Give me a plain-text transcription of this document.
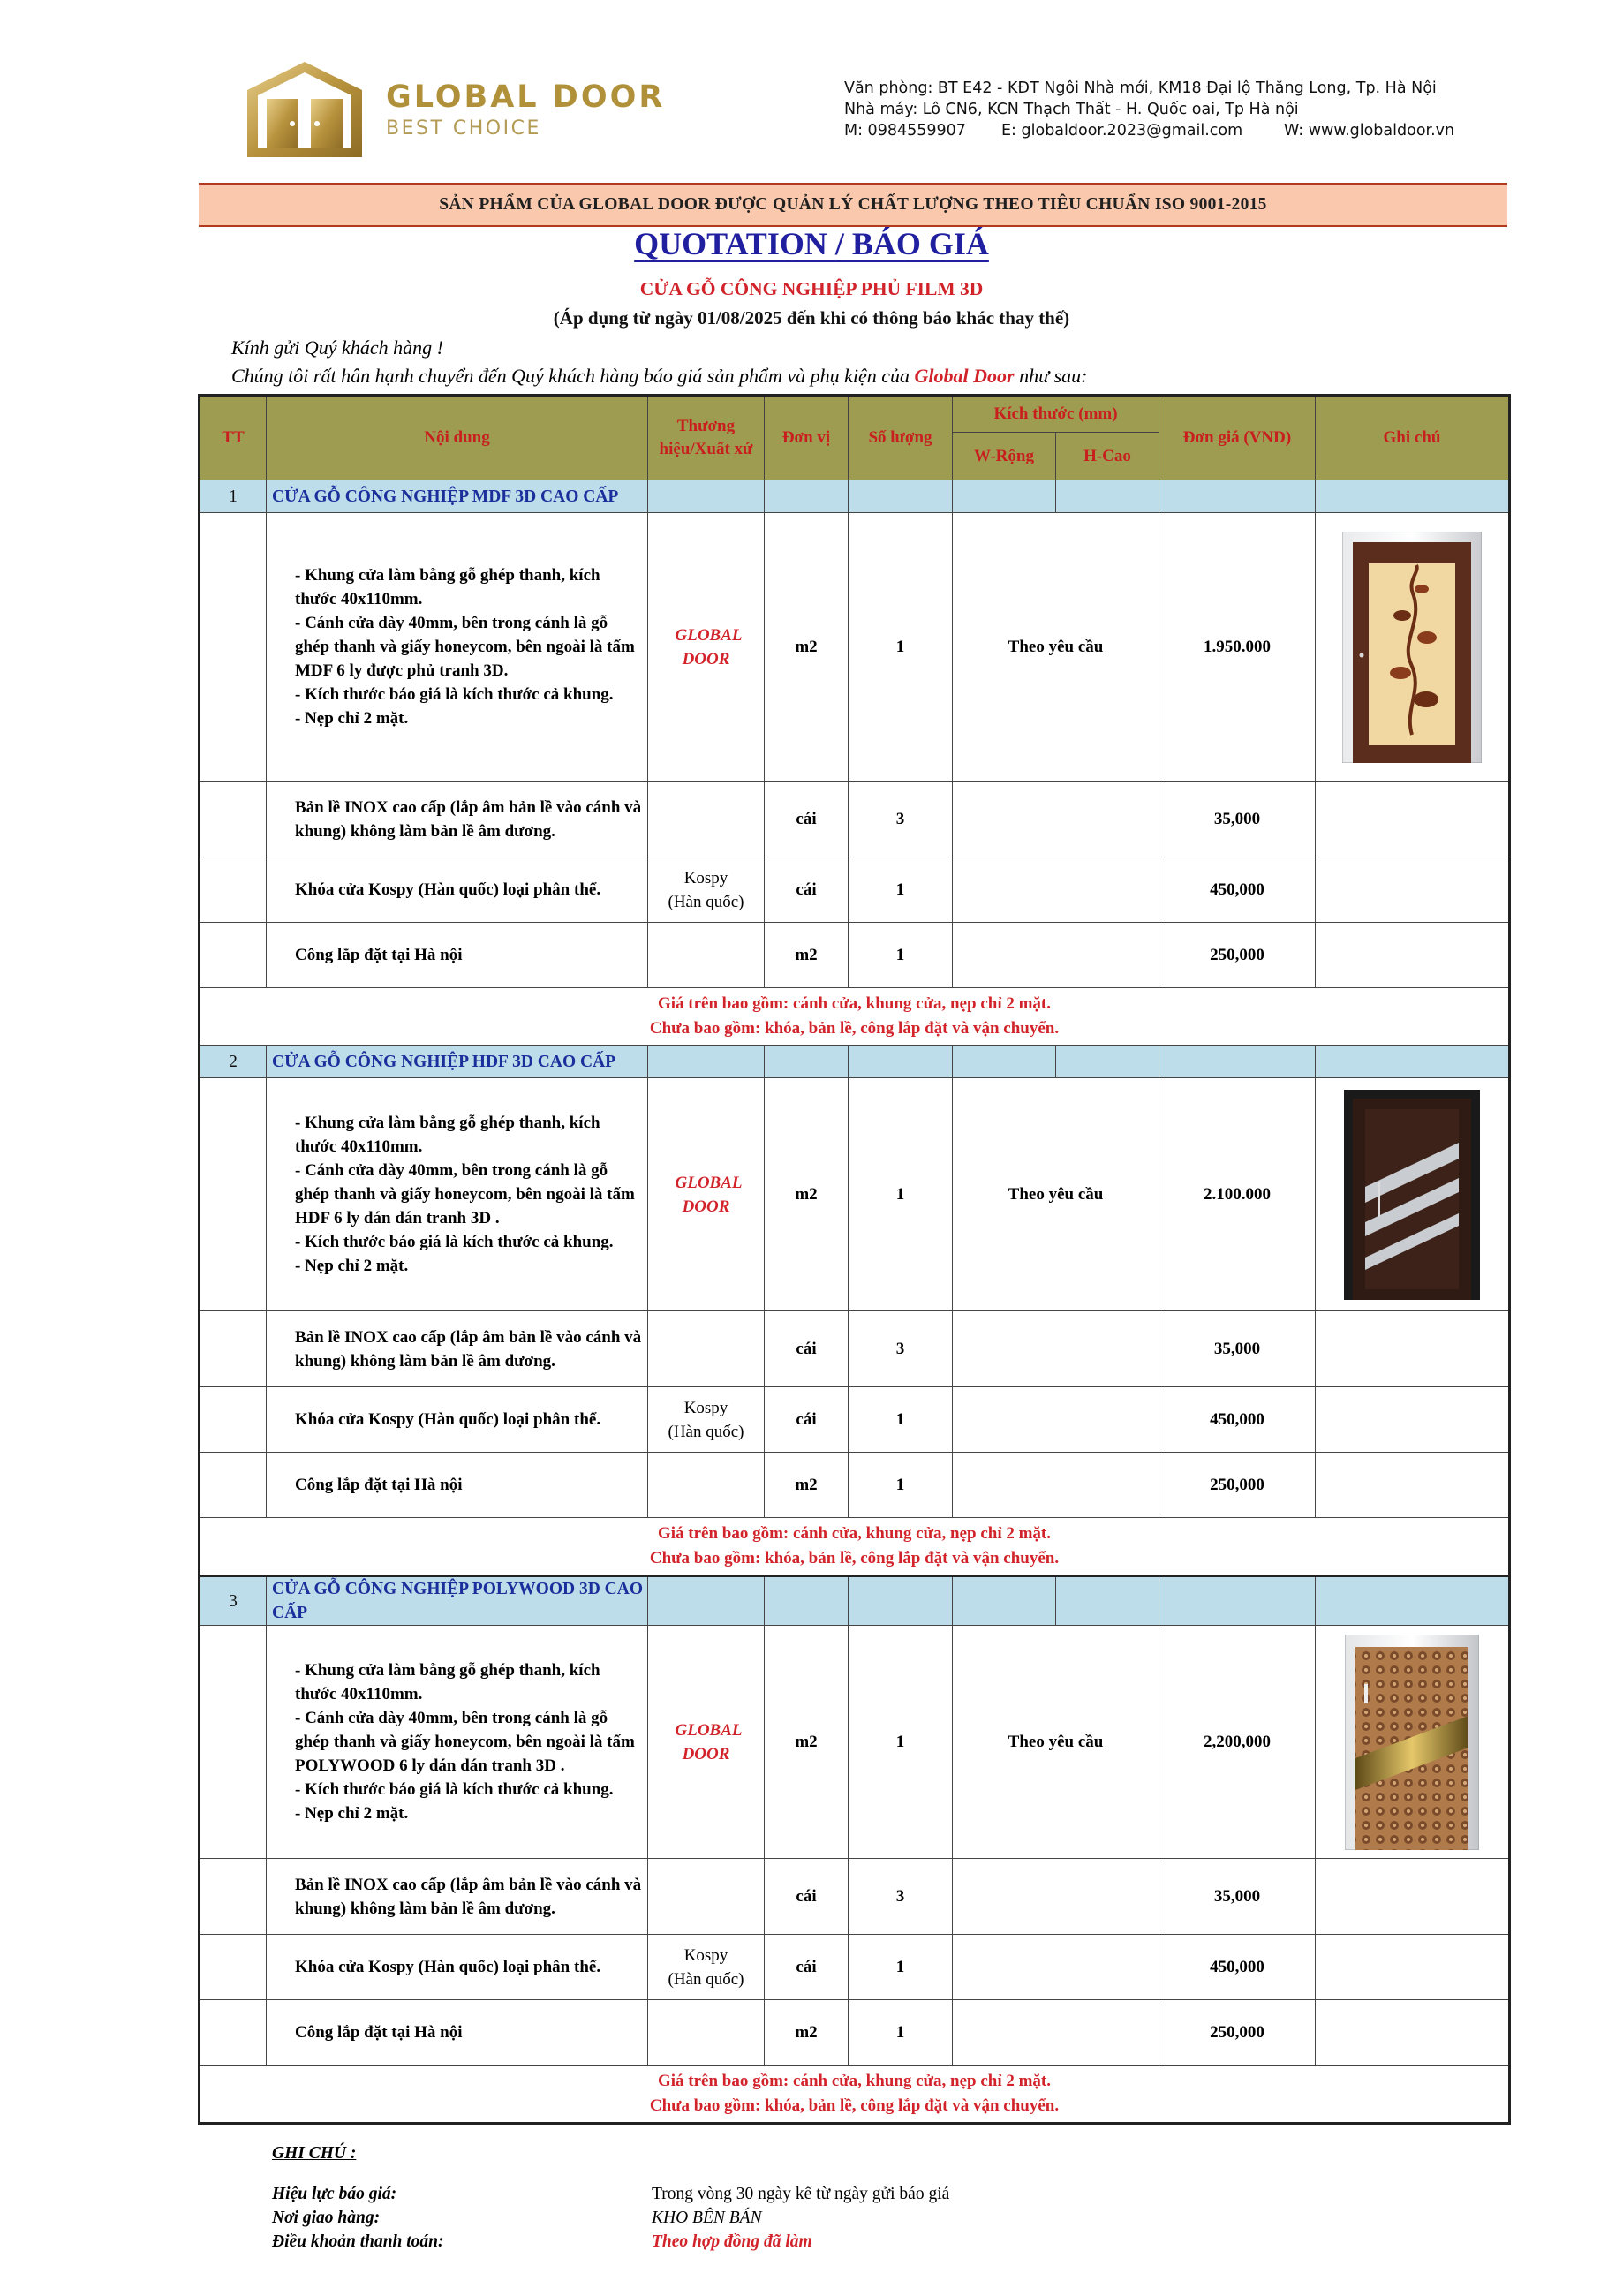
GLOBAL DOOR
BEST CHOICE
Văn phòng: BT E42 - KĐT Ngôi Nhà mới, KM18 Đại lộ Thăng Long, Tp. Hà Nội
Nhà máy: Lô CN6, KCN Thạch Thất - H. Quốc oai, Tp Hà nội
M: 0984559907 E: globaldoor.2023@gmail.com	W: www.globaldoor.vn
SẢN PHẨM CỦA GLOBAL DOOR ĐƯỢC QUẢN LÝ CHẤT LƯỢNG THEO TIÊU CHUẨN ISO 9001-2015
QUOTATION / BÁO GIÁ
CỬA GỖ CÔNG NGHIỆP PHỦ FILM 3D
(Áp dụng từ ngày 01/08/2025 đến khi có thông báo khác thay thế)
Kính gửi Quý khách hàng !
Chúng tôi rất hân hạnh chuyển đến Quý khách hàng báo giá sản phẩm và phụ kiện của Global Door như sau:
TT	Nội dung	Thương hiệu/Xuất xứ	Đơn vị	Số lượng	Kích thước (mm)		Đơn giá (VND)	Ghi chú
					W-Rộng	H-Cao		
1	CỬA GỖ CÔNG NGHIỆP MDF 3D CAO CẤP							

	- Khung cửa làm bằng gỗ ghép thanh, kích thước 40x110mm.
- Cánh cửa dày 40mm, bên trong cánh là gỗ ghép thanh và giấy honeycom, bên ngoài là tấm MDF 6 ly được phủ tranh 3D.
- Kích thước báo giá là kích thước cả khung.
- Nẹp chỉ 2 mặt.	GLOBAL DOOR	m2	1	Theo yêu cầu		1.950.000	

	Bản lề INOX cao cấp (lắp âm bản lề vào cánh và khung) không làm bản lề âm dương.		cái	3			35,000	
	Khóa cửa Kospy (Hàn quốc) loại phân thể.	Kospy
(Hàn quốc)	cái	1			450,000	
	Công lắp đặt tại Hà nội		m2	1			250,000	

Giá trên bao gồm: cánh cửa, khung cửa, nẹp chỉ 2 mặt.
Chưa bao gồm: khóa, bản lề, công lắp đặt và vận chuyển.								

2	CỬA GỖ CÔNG NGHIỆP HDF 3D CAO CẤP							

	- Khung cửa làm bằng gỗ ghép thanh, kích thước 40x110mm.
- Cánh cửa dày 40mm, bên trong cánh là gỗ ghép thanh và giấy honeycom, bên ngoài là tấm HDF 6 ly dán dán tranh 3D .
- Kích thước báo giá là kích thước cả khung.
- Nẹp chỉ 2 mặt.	GLOBAL DOOR	m2	1	Theo yêu cầu		2.100.000	

	Bản lề INOX cao cấp (lắp âm bản lề vào cánh và khung) không làm bản lề âm dương.		cái	3			35,000	
	Khóa cửa Kospy (Hàn quốc) loại phân thể.	Kospy
(Hàn quốc)	cái	1			450,000	
	Công lắp đặt tại Hà nội		m2	1			250,000	

Giá trên bao gồm: cánh cửa, khung cửa, nẹp chỉ 2 mặt.
Chưa bao gồm: khóa, bản lề, công lắp đặt và vận chuyển.								

3	CỬA GỖ CÔNG NGHIỆP POLYWOOD 3D CAO CẤP							

	- Khung cửa làm bằng gỗ ghép thanh, kích thước 40x110mm.
- Cánh cửa dày 40mm, bên trong cánh là gỗ ghép thanh và giấy honeycom, bên ngoài là tấm POLYWOOD 6 ly dán dán tranh 3D .
- Kích thước báo giá là kích thước cả khung.
- Nẹp chỉ 2 mặt.	GLOBAL DOOR	m2	1	Theo yêu cầu		2,200,000	

	Bản lề INOX cao cấp (lắp âm bản lề vào cánh và khung) không làm bản lề âm dương.		cái	3			35,000	
	Khóa cửa Kospy (Hàn quốc) loại phân thể.	Kospy
(Hàn quốc)	cái	1			450,000	
	Công lắp đặt tại Hà nội		m2	1			250,000	

Giá trên bao gồm: cánh cửa, khung cửa, nẹp chỉ 2 mặt.
Chưa bao gồm: khóa, bản lề, công lắp đặt và vận chuyển.								
GHI CHÚ :
Hiệu lực báo giá:	Trong vòng 30 ngày kể từ ngày gửi báo giá
Nơi giao hàng:	KHO BÊN BÁN
Điều khoản thanh toán:	Theo hợp đồng đã làm
